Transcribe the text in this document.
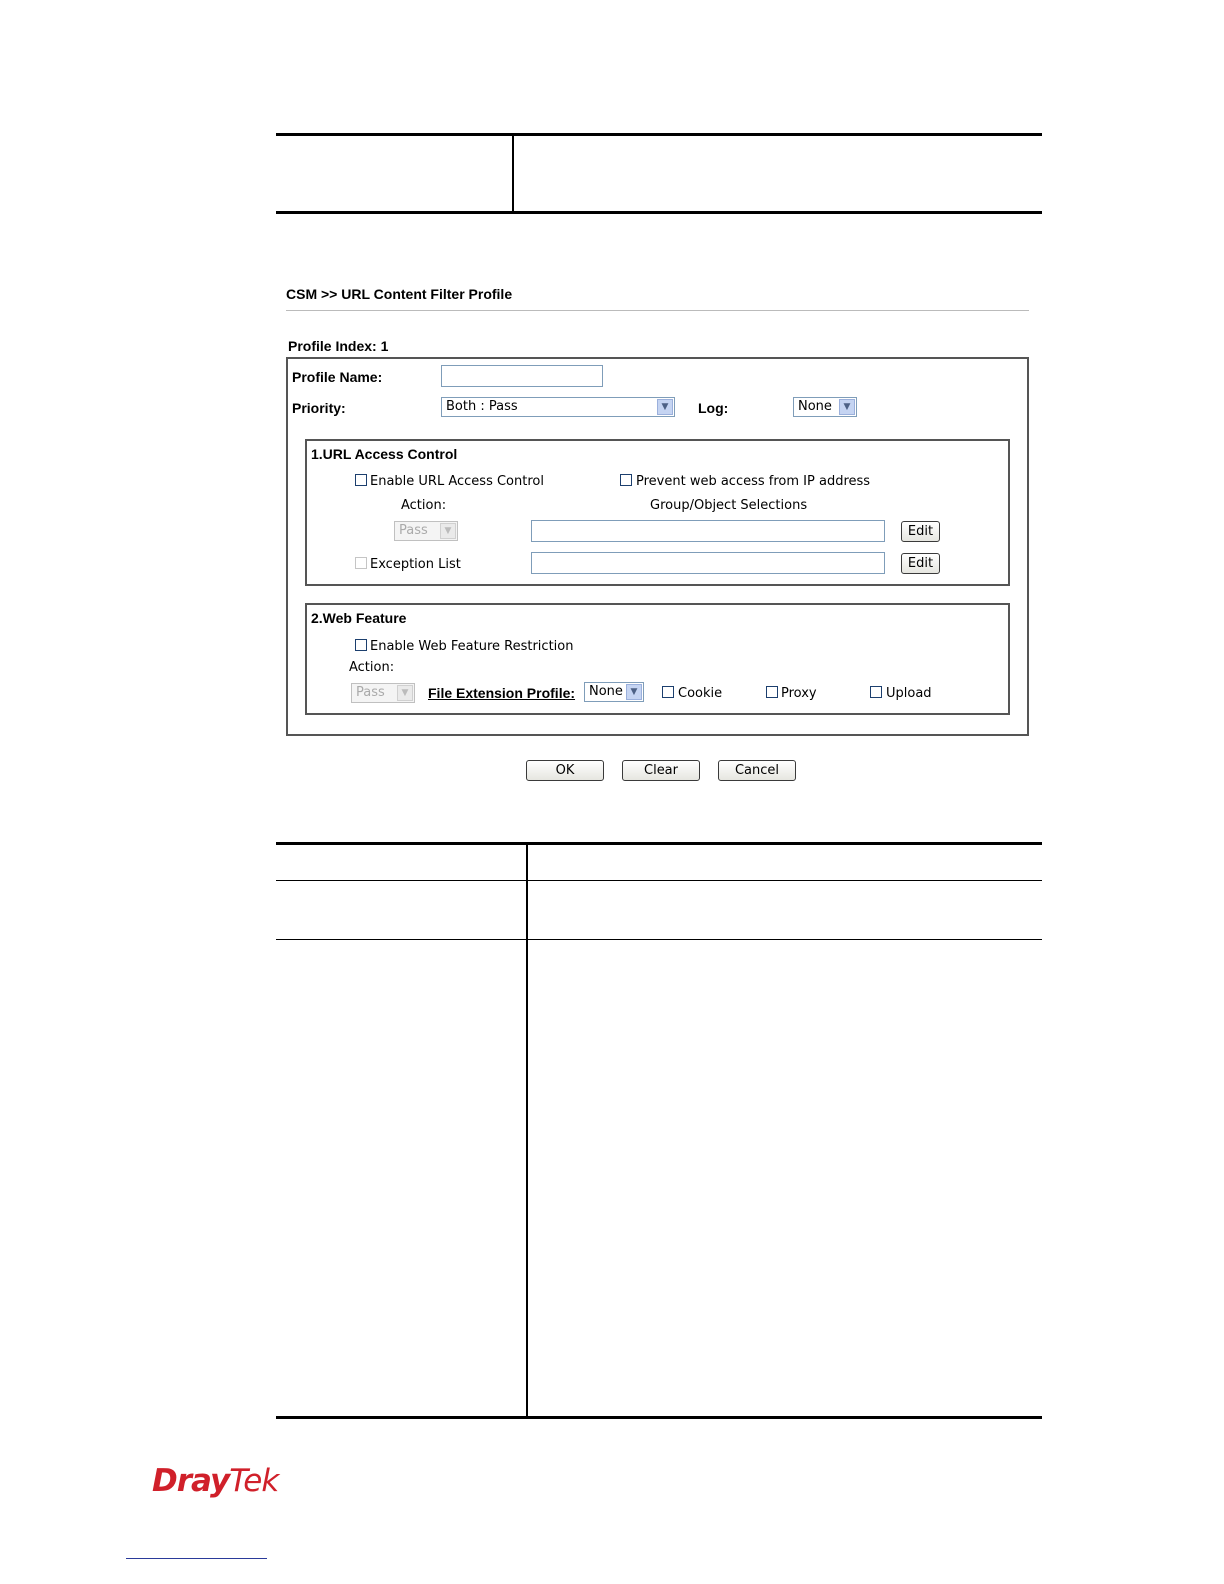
CSM >> URL Content Filter Profile
Profile Index: 1
Profile Name:
Priority:	Both : Pass	▼	Log:	None	▼
1.URL Access Control
Enable URL Access Control	Prevent web access from IP address
Action:	Group/Object Selections
Pass	▼	Edit
Exception List	Edit
2.Web Feature
Enable Web Feature Restriction
Action:
Pass	▼	File Extension Profile:	None ▼	Cookie	Proxy	Upload
OK	Clear	Cancel
DrayTek
